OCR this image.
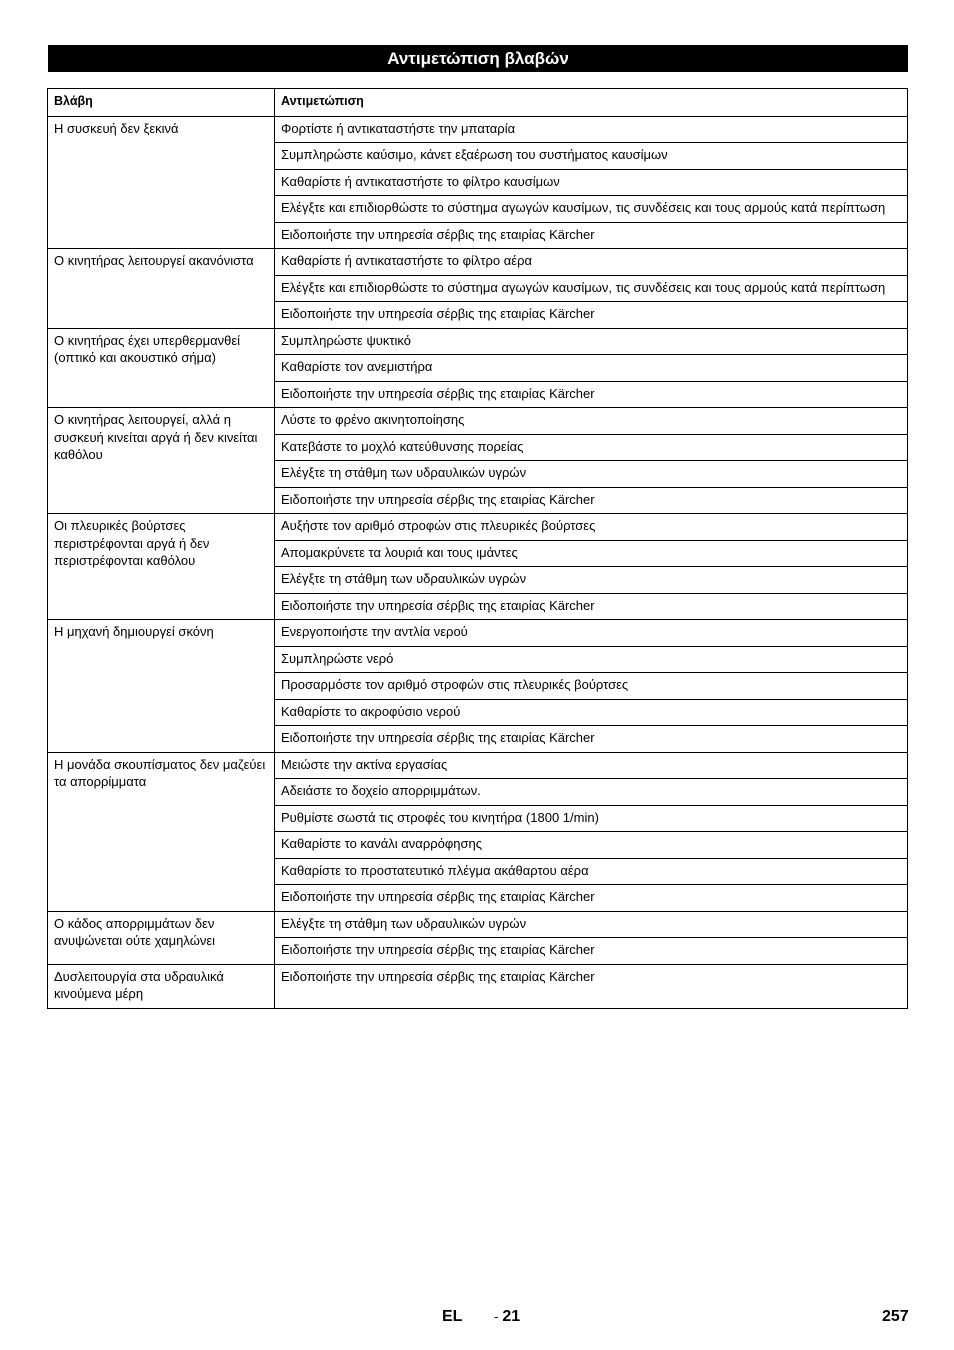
Αντιμετώπιση βλαβών
Βλάβη	Αντιμετώπιση
Η συσκευή δεν ξεκινά	Φορτίστε ή αντικαταστήστε την μπαταρία
	Συμπληρώστε καύσιμο, κάνετ εξαέρωση του συστήματος καυσίμων
	Καθαρίστε ή αντικαταστήστε το φίλτρο καυσίμων
	Ελέγξτε και επιδιορθώστε το σύστημα αγωγών καυσίμων, τις συνδέσεις και τους αρμούς κατά περίπτωση
	Ειδοποιήστε την υπηρεσία σέρβις της εταιρίας Kärcher
Ο κινητήρας λειτουργεί ακανόνιστα	Καθαρίστε ή αντικαταστήστε το φίλτρο αέρα
	Ελέγξτε και επιδιορθώστε το σύστημα αγωγών καυσίμων, τις συνδέσεις και τους αρμούς κατά περίπτωση
	Ειδοποιήστε την υπηρεσία σέρβις της εταιρίας Kärcher
Ο κινητήρας έχει υπερθερμανθεί (οπτικό και ακουστικό σήμα)	Συμπληρώστε ψυκτικό
	Καθαρίστε τον ανεμιστήρα
	Ειδοποιήστε την υπηρεσία σέρβις της εταιρίας Kärcher
Ο κινητήρας λειτουργεί, αλλά η συσκευή κινείται αργά ή δεν κινείται καθόλου	Λύστε το φρένο ακινητοποίησης
	Κατεβάστε το μοχλό κατεύθυνσης πορείας
	Ελέγξτε τη στάθμη των υδραυλικών υγρών
	Ειδοποιήστε την υπηρεσία σέρβις της εταιρίας Kärcher
Οι πλευρικές βούρτσες περιστρέφονται αργά ή δεν περιστρέφονται καθόλου	Αυξήστε τον αριθμό στροφών στις πλευρικές βούρτσες
	Απομακρύνετε τα λουριά και τους ιμάντες
	Ελέγξτε τη στάθμη των υδραυλικών υγρών
	Ειδοποιήστε την υπηρεσία σέρβις της εταιρίας Kärcher
Η μηχανή δημιουργεί σκόνη	Ενεργοποιήστε την αντλία νερού
	Συμπληρώστε νερό
	Προσαρμόστε τον αριθμό στροφών στις πλευρικές βούρτσες
	Καθαρίστε το ακροφύσιο νερού
	Ειδοποιήστε την υπηρεσία σέρβις της εταιρίας Kärcher
Η μονάδα σκουπίσματος δεν μαζεύει τα απορρίμματα	Μειώστε την ακτίνα εργασίας
	Αδειάστε το δοχείο απορριμμάτων.
	Ρυθμίστε σωστά τις στροφές του κινητήρα (1800 1/min)
	Καθαρίστε το κανάλι αναρρόφησης
	Καθαρίστε το προστατευτικό πλέγμα ακάθαρτου αέρα
	Ειδοποιήστε την υπηρεσία σέρβις της εταιρίας Kärcher
Ο κάδος απορριμμάτων δεν ανυψώνεται ούτε χαμηλώνει	Ελέγξτε τη στάθμη των υδραυλικών υγρών
	Ειδοποιήστε την υπηρεσία σέρβις της εταιρίας Kärcher
Δυσλειτουργία στα υδραυλικά κινούμενα μέρη	Ειδοποιήστε την υπηρεσία σέρβις της εταιρίας Kärcher
EL - 21	257
